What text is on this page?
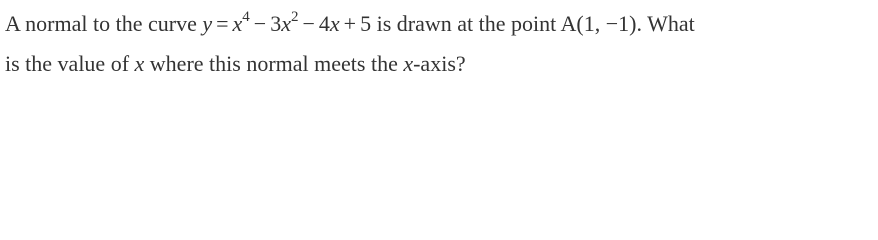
A normal to the curve $y = x^4 - 3x^2 - 4x + 5$ is drawn at the point A(1, −1). What
is the value of x where this normal meets the x-axis?
